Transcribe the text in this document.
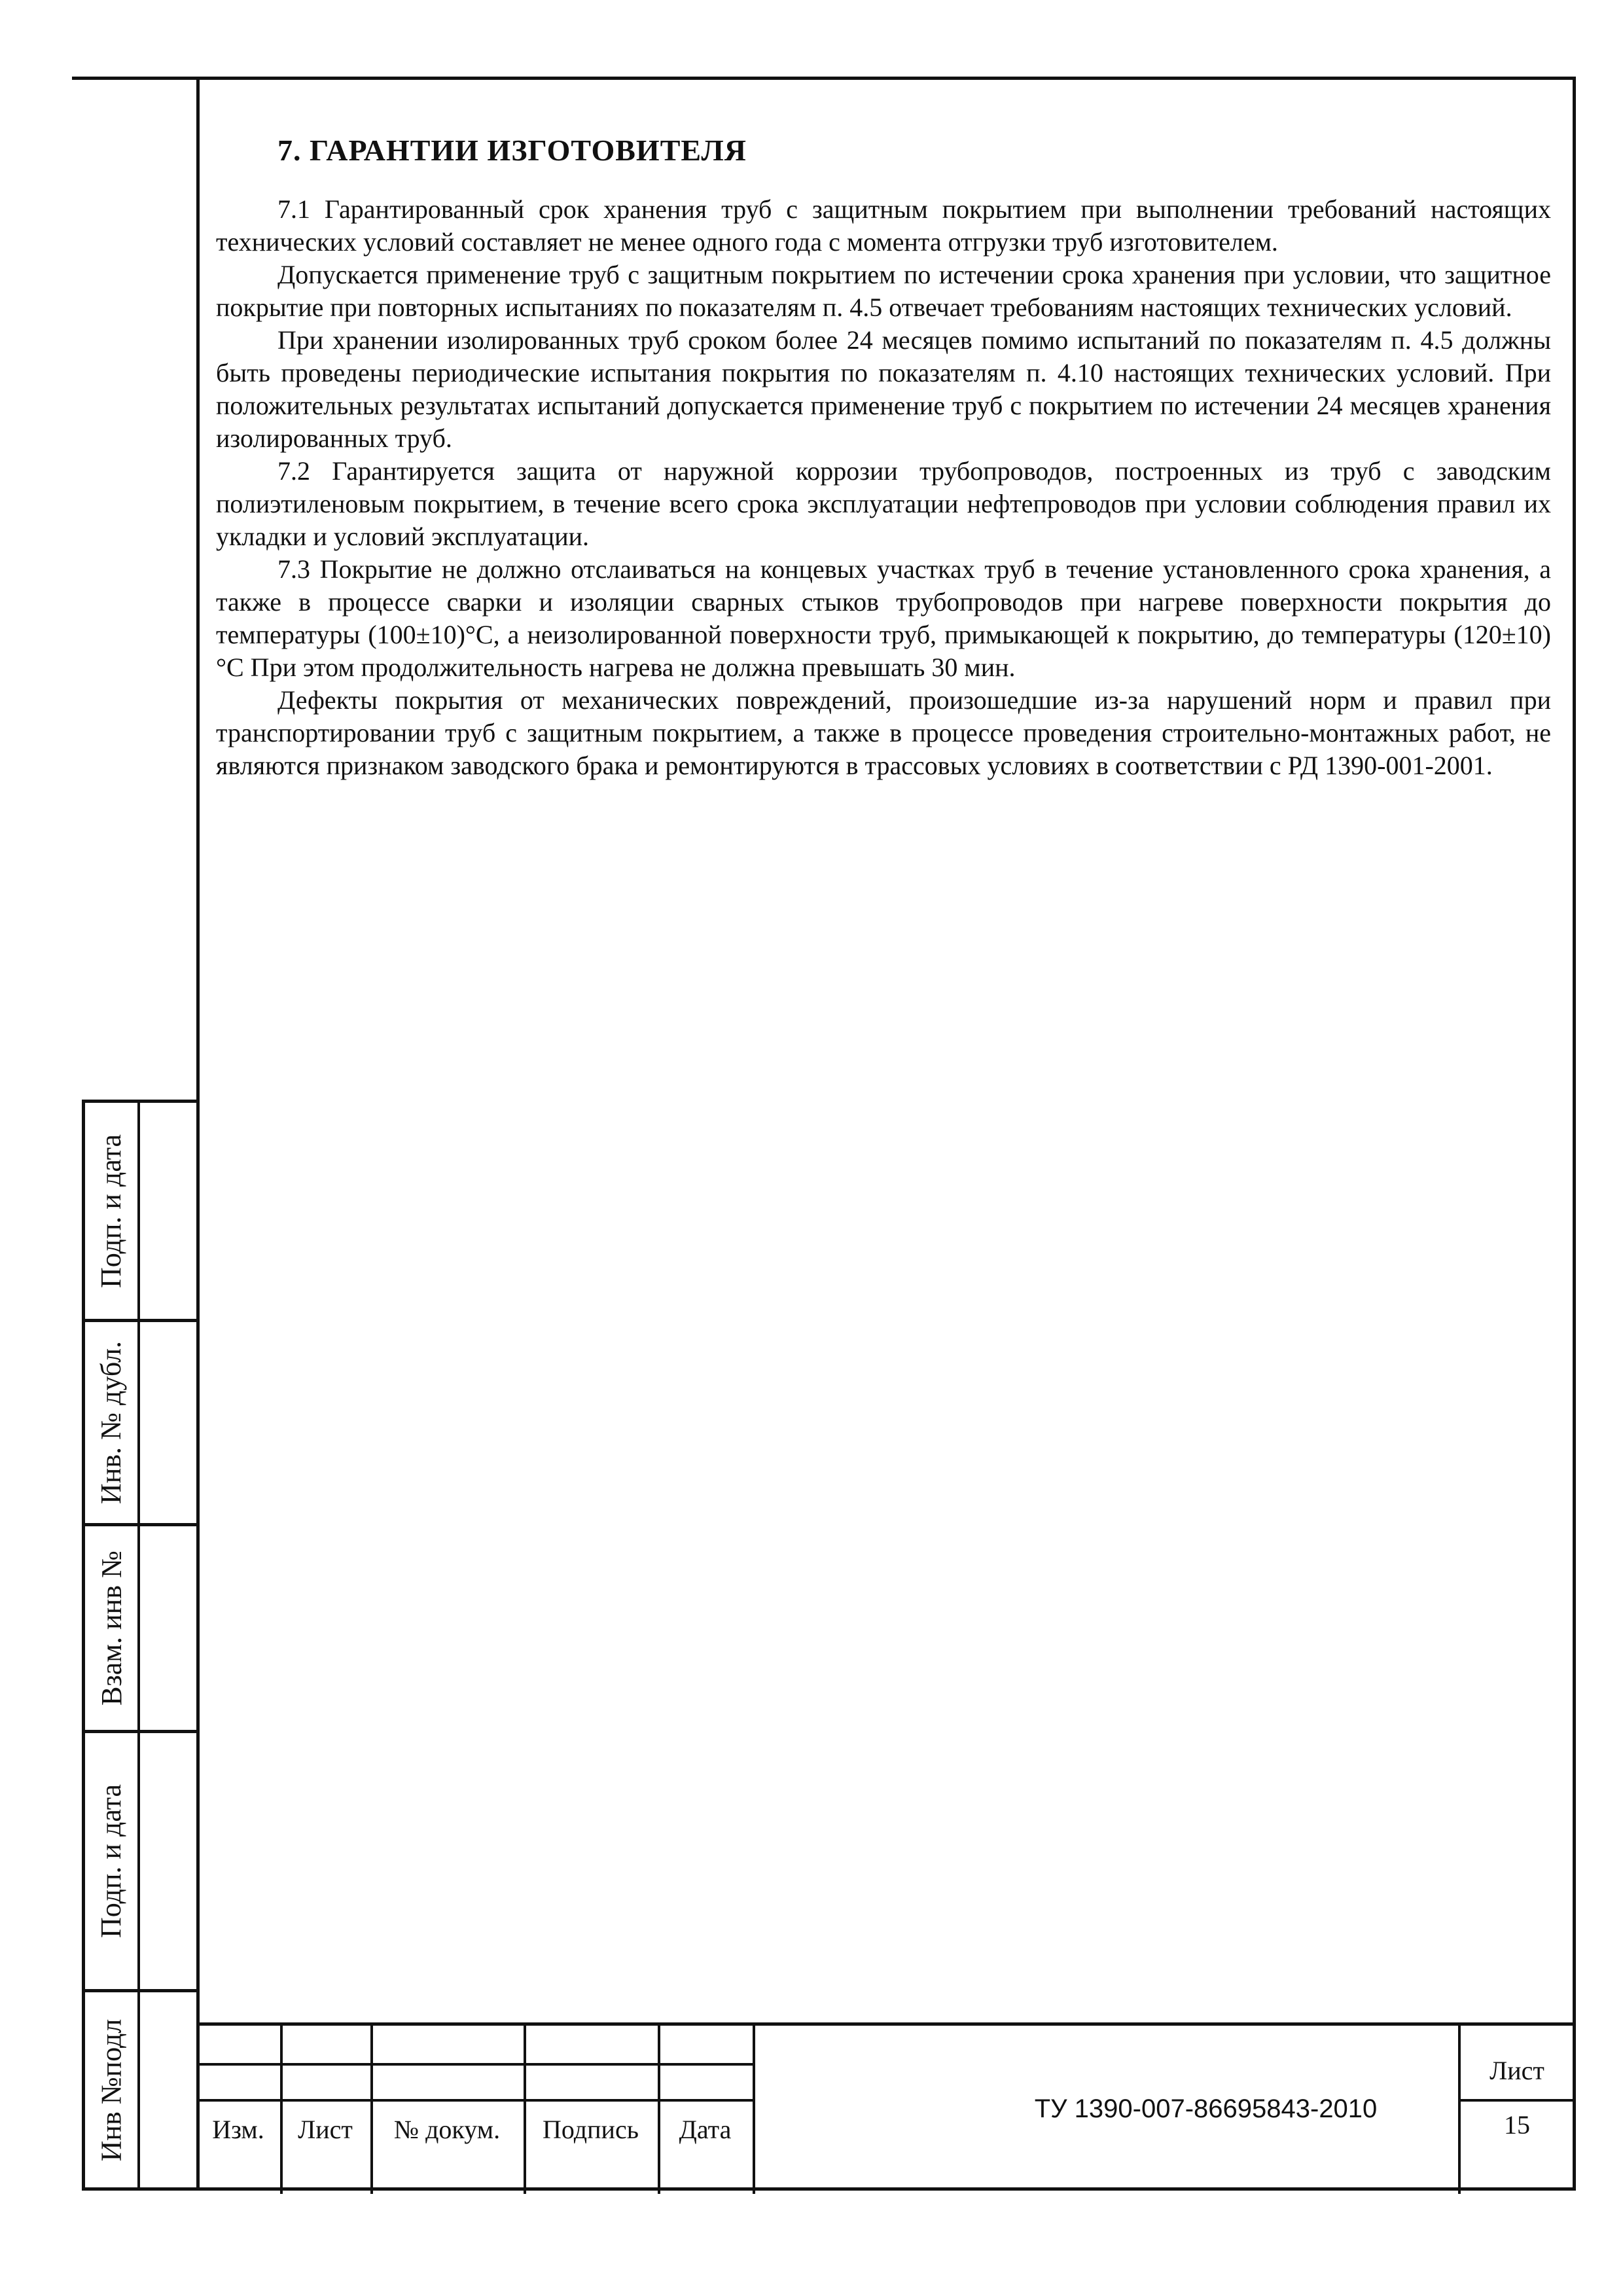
7. ГАРАНТИИ ИЗГОТОВИТЕЛЯ

7.1 Гарантированный срок хранения труб с защитным покрытием при выполнении требований настоящих технических условий составляет не менее одного года с момента отгрузки труб изготовителем.

Допускается применение труб с защитным покрытием по истечении срока хранения при условии, что защитное покрытие при повторных испытаниях по показателям п. 4.5 отвечает требованиям настоящих технических условий.

При хранении изолированных труб сроком более 24 месяцев помимо испытаний по показателям п. 4.5 должны быть проведены периодические испытания покрытия по показателям п. 4.10 настоящих технических условий. При положительных результатах испытаний допускается применение труб с покрытием по истечении 24 месяцев хранения изолированных труб.

7.2 Гарантируется защита от наружной коррозии трубопроводов, построенных из труб с заводским полиэтиленовым покрытием, в течение всего срока эксплуатации нефтепроводов при условии соблюдения правил их укладки и условий эксплуатации.

7.3 Покрытие не должно отслаиваться на концевых участках труб в течение установленного срока хранения, а также в процессе сварки и изоляции сварных стыков трубопроводов при нагреве поверхности покрытия до температуры (100±10)°С, а неизолированной поверхности труб, примыкающей к покрытию, до температуры (120±10)°С При этом продолжительность нагрева не должна превышать 30 мин.

Дефекты покрытия от механических повреждений, произошедшие из-за нарушений норм и правил при транспортировании труб с защитным покрытием, а также в процессе проведения строительно-монтажных работ, не являются признаком заводского брака и ремонтируются в трассовых условиях в соответствии с РД 1390-001-2001.

Подп. и дата
Инв. № дубл.
Взам. инв №
Подп. и дата
Инв №подл	Изм.	Лист	№ докум.	Подпись	Дата
ТУ 1390-007-86695843-2010
Лист
15
